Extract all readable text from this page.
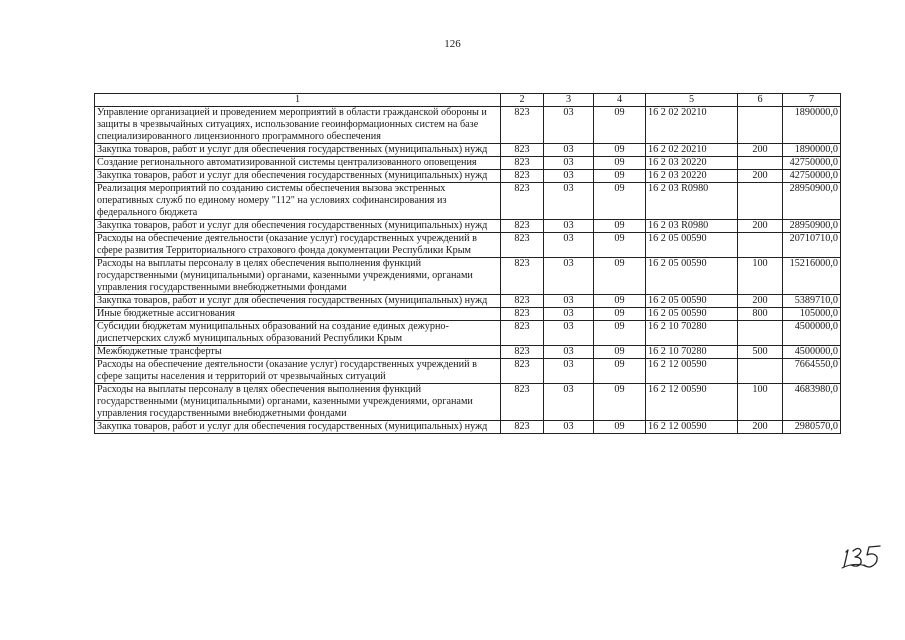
126
1	2	3	4	5	6	7
Управление организацией и проведением мероприятий в области гражданской обороны и защиты в чрезвычайных ситуациях, использование геоинформационных систем на базе специализированного лицензионного программного обеспечения	823	03	09	16 2 02 20210		1890000,0
Закупка товаров, работ и услуг для обеспечения государственных (муниципальных) нужд	823	03	09	16 2 02 20210	200	1890000,0
Создание регионального автоматизированной системы централизованного оповещения	823	03	09	16 2 03 20220		42750000,0
Закупка товаров, работ и услуг для обеспечения государственных (муниципальных) нужд	823	03	09	16 2 03 20220	200	42750000,0
Реализация мероприятий по созданию системы обеспечения вызова экстренных оперативных служб по единому номеру "112" на условиях софинансирования из федерального бюджета	823	03	09	16 2 03 R0980		28950900,0
Закупка товаров, работ и услуг для обеспечения государственных (муниципальных) нужд	823	03	09	16 2 03 R0980	200	28950900,0
Расходы на обеспечение деятельности (оказание услуг) государственных учреждений в сфере развития Территориального страхового фонда документации Республики Крым	823	03	09	16 2 05 00590		20710710,0
Расходы на выплаты персоналу в целях обеспечения выполнения функций государственными (муниципальными) органами, казенными учреждениями, органами управления государственными внебюджетными фондами	823	03	09	16 2 05 00590	100	15216000,0
Закупка товаров, работ и услуг для обеспечения государственных (муниципальных) нужд	823	03	09	16 2 05 00590	200	5389710,0
Иные бюджетные ассигнования	823	03	09	16 2 05 00590	800	105000,0
Субсидии бюджетам муниципальных образований на создание единых дежурно-диспетчерских служб муниципальных образований Республики Крым	823	03	09	16 2 10 70280		4500000,0
Межбюджетные трансферты	823	03	09	16 2 10 70280	500	4500000,0
Расходы на обеспечение деятельности (оказание услуг) государственных учреждений в сфере защиты населения и территорий от чрезвычайных ситуаций	823	03	09	16 2 12 00590		7664550,0
Расходы на выплаты персоналу в целях обеспечения выполнения функций государственными (муниципальными) органами, казенными учреждениями, органами управления государственными внебюджетными фондами	823	03	09	16 2 12 00590	100	4683980,0
Закупка товаров, работ и услуг для обеспечения государственных (муниципальных) нужд	823	03	09	16 2 12 00590	200	2980570,0
